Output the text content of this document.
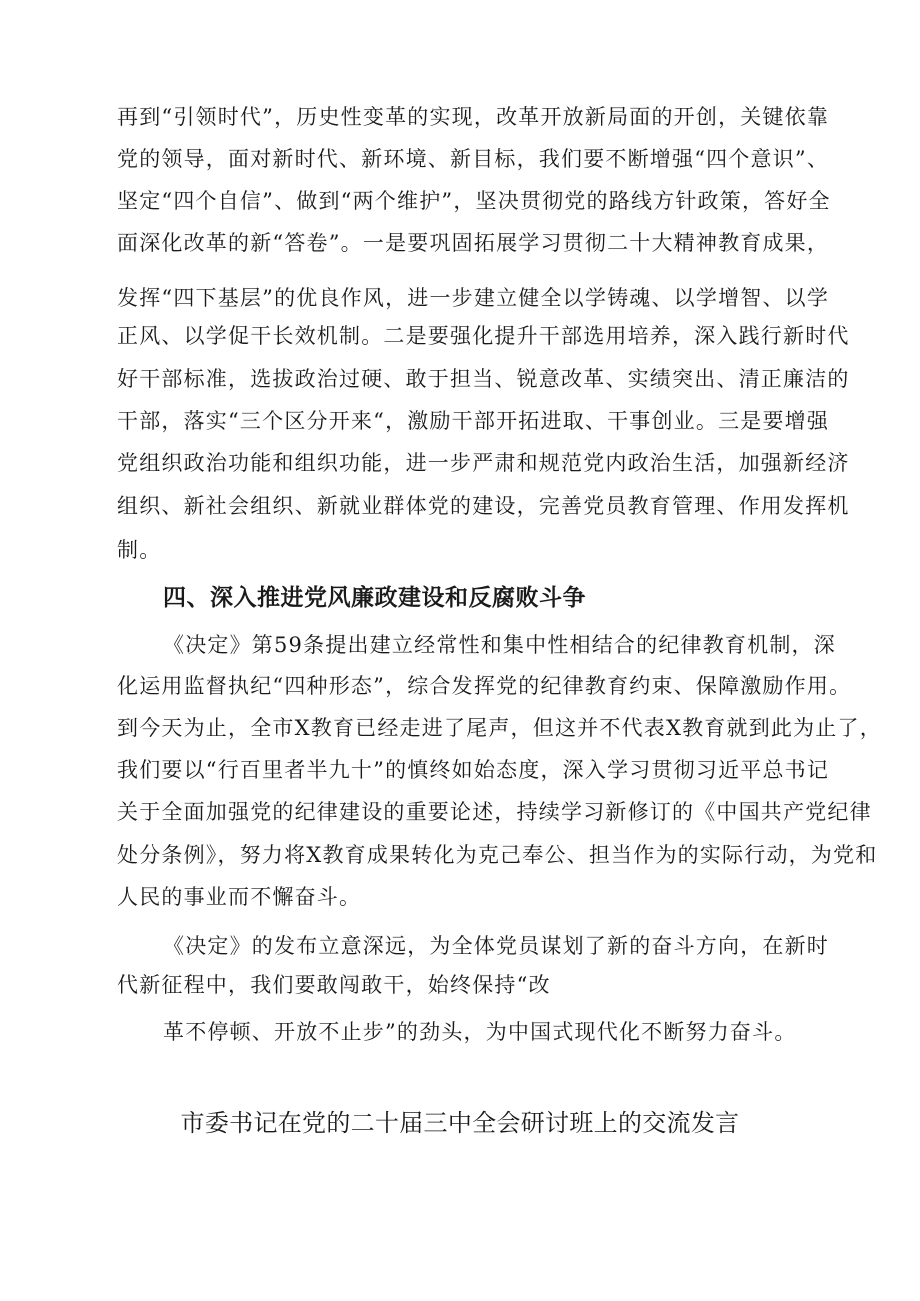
再到“引领时代”，历史性变革的实现，改革开放新局面的开创，关键依靠
党的领导，面对新时代、新环境、新目标，我们要不断增强“四个意识”、
坚定“四个自信”、做到“两个维护”，坚决贯彻党的路线方针政策，答好全
面深化改革的新“答卷”。一是要巩固拓展学习贯彻二十大精神教育成果，
发挥“四下基层”的优良作风，进一步建立健全以学铸魂、以学增智、以学
正风、以学促干长效机制。二是要强化提升干部选用培养，深入践行新时代
好干部标准，选拔政治过硬、敢于担当、锐意改革、实绩突出、清正廉洁的
干部，落实“三个区分开来“，激励干部开拓进取、干事创业。三是要增强
党组织政治功能和组织功能，进一步严肃和规范党内政治生活，加强新经济
组织、新社会组织、新就业群体党的建设，完善党员教育管理、作用发挥机
制。
四、深入推进党风廉政建设和反腐败斗争
《决定》第59条提出建立经常性和集中性相结合的纪律教育机制，深
化运用监督执纪“四种形态”，综合发挥党的纪律教育约束、保障激励作用。
到今天为止，全市X教育已经走进了尾声，但这并不代表X教育就到此为止了，
我们要以“行百里者半九十”的慎终如始态度，深入学习贯彻习近平总书记
关于全面加强党的纪律建设的重要论述，持续学习新修订的《中国共产党纪律
处分条例》，努力将X教育成果转化为克己奉公、担当作为的实际行动，为党和
人民的事业而不懈奋斗。
《决定》的发布立意深远，为全体党员谋划了新的奋斗方向，在新时
代新征程中，我们要敢闯敢干，始终保持“改
革不停顿、开放不止步”的劲头，为中国式现代化不断努力奋斗。
市委书记在党的二十届三中全会研讨班上的交流发言
